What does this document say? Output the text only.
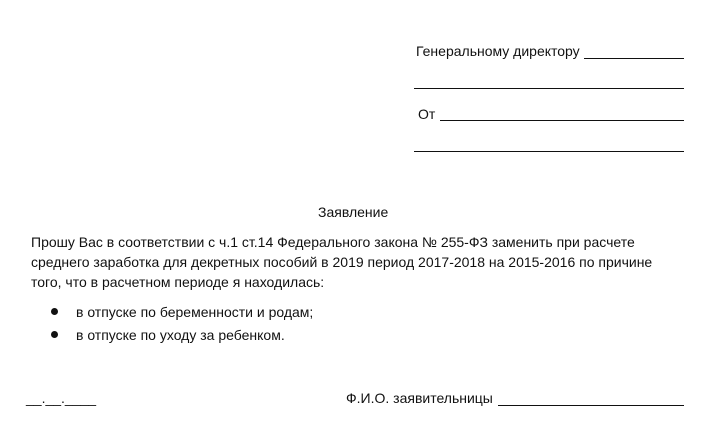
Генеральному директору
От
Заявление
Прошу Вас в соответствии с ч.1 ст.14 Федерального закона № 255-ФЗ заменить при расчете
среднего заработка для декретных пособий в 2019 период 2017-2018 на 2015-2016 по причине
того, что в расчетном периоде я находилась:
в отпуске по беременности и родам;
в отпуске по уходу за ребенком.
__.__.____	Ф.И.О. заявительницы
